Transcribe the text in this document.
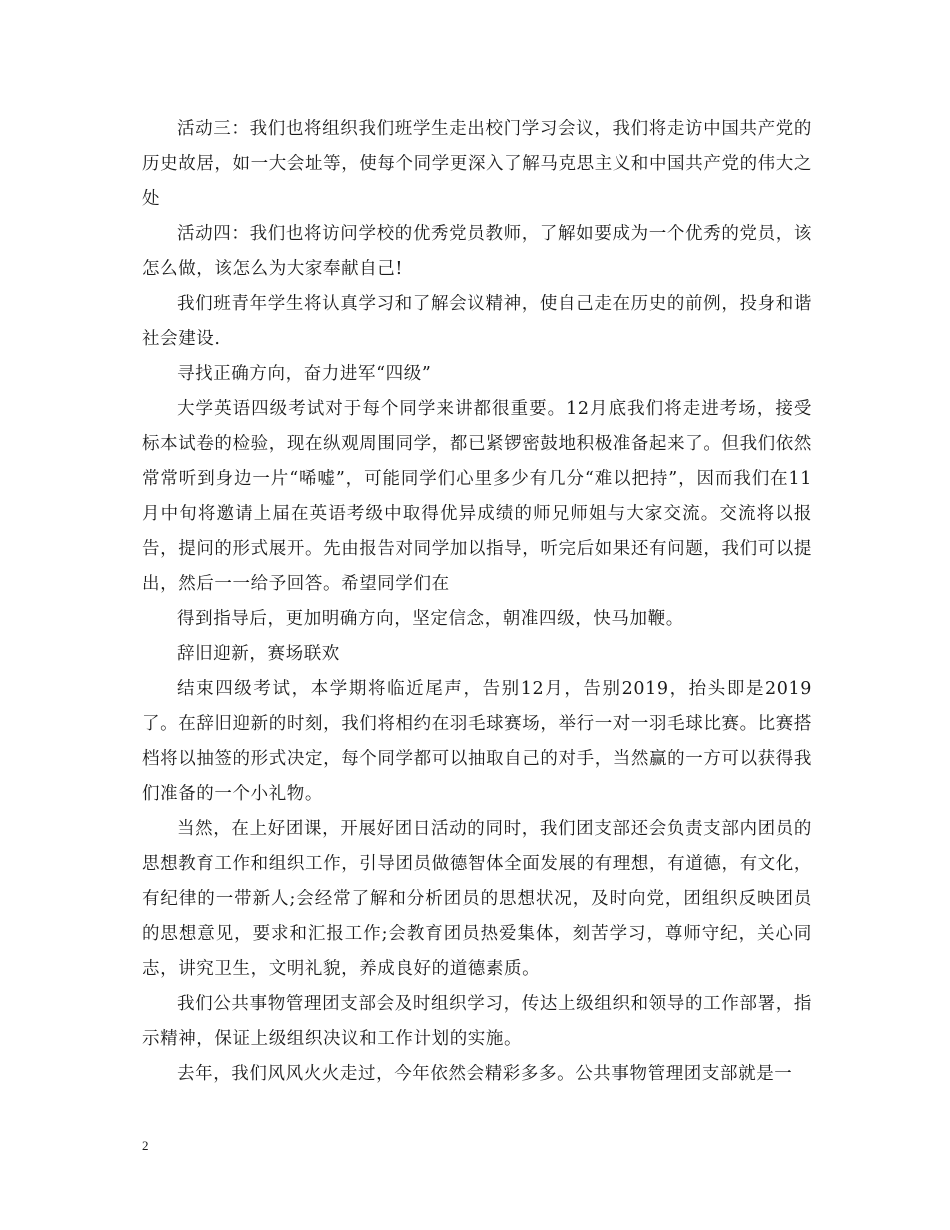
活动三：我们也将组织我们班学生走出校门学习会议，我们将走访中国共产党的历史故居，如一大会址等，使每个同学更深入了解马克思主义和中国共产党的伟大之处

活动四：我们也将访问学校的优秀党员教师，了解如要成为一个优秀的党员，该怎么做，该怎么为大家奉献自己!

我们班青年学生将认真学习和了解会议精神，使自己走在历史的前例，投身和谐社会建设.

寻找正确方向，奋力进军“四级”

大学英语四级考试对于每个同学来讲都很重要。12月底我们将走进考场，接受标本试卷的检验，现在纵观周围同学，都已紧锣密鼓地积极准备起来了。但我们依然常常听到身边一片“唏嘘”，可能同学们心里多少有几分“难以把持”，因而我们在11月中旬将邀请上届在英语考级中取得优异成绩的师兄师姐与大家交流。交流将以报告，提问的形式展开。先由报告对同学加以指导，听完后如果还有问题，我们可以提出，然后一一给予回答。希望同学们在

得到指导后，更加明确方向，坚定信念，朝准四级，快马加鞭。

辞旧迎新，赛场联欢

结束四级考试，本学期将临近尾声，告别12月，告别2019，抬头即是2019了。在辞旧迎新的时刻，我们将相约在羽毛球赛场，举行一对一羽毛球比赛。比赛搭档将以抽签的形式决定，每个同学都可以抽取自己的对手，当然赢的一方可以获得我们准备的一个小礼物。

当然，在上好团课，开展好团日活动的同时，我们团支部还会负责支部内团员的思想教育工作和组织工作，引导团员做德智体全面发展的有理想，有道德，有文化，有纪律的一带新人;会经常了解和分析团员的思想状况，及时向党，团组织反映团员的思想意见，要求和汇报工作;会教育团员热爱集体，刻苦学习，尊师守纪，关心同志，讲究卫生，文明礼貌，养成良好的道德素质。

我们公共事物管理团支部会及时组织学习，传达上级组织和领导的工作部署，指示精神，保证上级组织决议和工作计划的实施。

去年，我们风风火火走过，今年依然会精彩多多。公共事物管理团支部就是一

2
